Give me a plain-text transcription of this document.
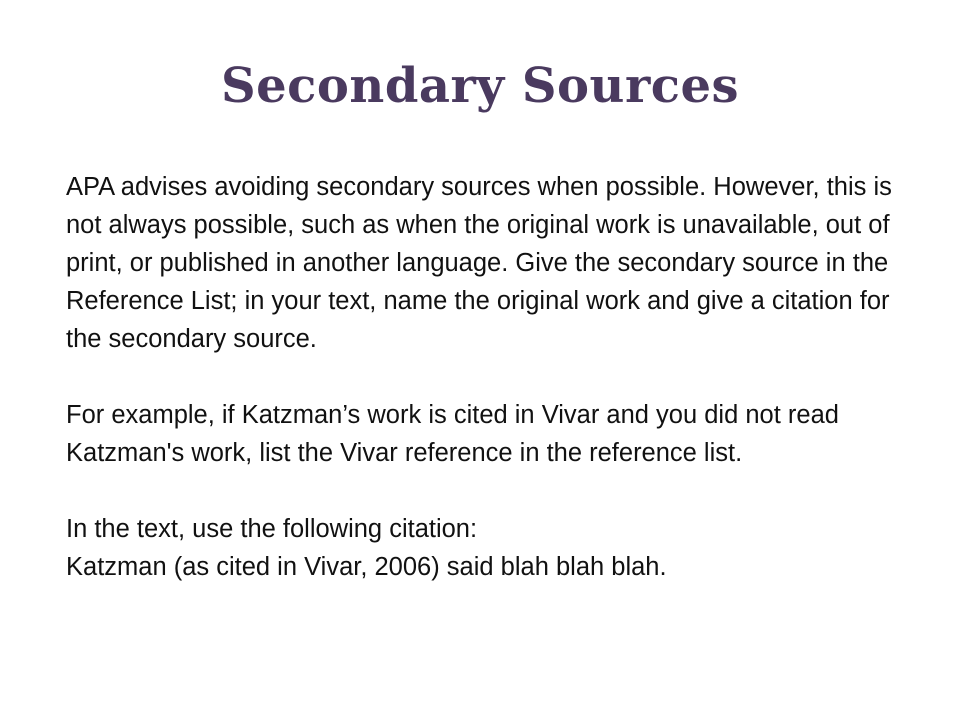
Secondary Sources

APA advises avoiding secondary sources when possible. However, this is not always possible, such as when the original work is unavailable, out of print, or published in another language. Give the secondary source in the Reference List; in your text, name the original work and give a citation for the secondary source.

For example, if Katzman’s work is cited in Vivar and you did not read Katzman's work, list the Vivar reference in the reference list.

In the text, use the following citation:

Katzman (as cited in Vivar, 2006) said blah blah blah.
